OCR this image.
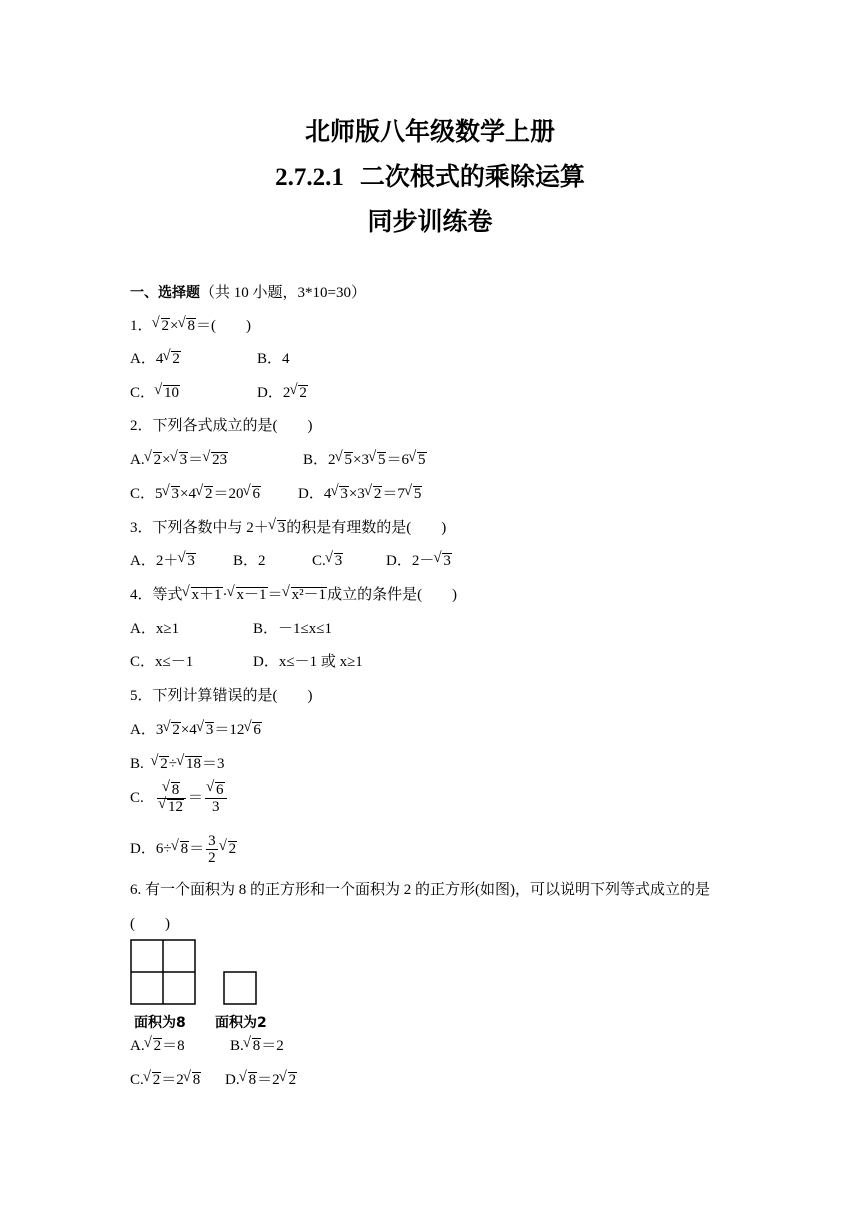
北师版八年级数学上册
2.7.2.1 二次根式的乘除运算
同步训练卷
一、选择题（共 10 小题，3*10=30）
1． √ 2× √ 8＝(　　)
A．4 √ 2	B．4
C． √ 10	D．2 √ 2
2．下列各式成立的是(　　)
A. √ 2× √ 3＝ √ 23	B．2 √ 5×3 √ 5＝6 √ 5
C．5 √ 3×4 √ 2＝20 √ 6	D．4 √ 3×3 √ 2＝7 √ 5
3．下列各数中与 2＋ √ 3的积是有理数的是(　　)
A．2＋ √ 3	B．2	C. √ 3	D．2－ √ 3
4．等式 √ x＋1· √ x－1＝ √ x²－1成立的条件是(　　)
A．x≥1	B．－1≤x≤1
C．x≤－1	D．x≤－1 或 x≥1
5．下列计算错误的是(　　)
A．3 √ 2×4 √ 3＝12 √ 6
B.  √ 2÷ √ 18＝3
C. √ 8
√ 12 ＝ √ $\frac{6}{3}$
D．6÷ √ $8= \frac{3}{2}$ √ 2
6. 有一个面积为 8 的正方形和一个面积为 2 的正方形(如图)，可以说明下列等式成立的是
(　　)
面积为8 面积为2
A. √ 2＝8	B. √ 8＝2
C. √ 2＝2 √ 8 D. √ 8＝2 √ 2
